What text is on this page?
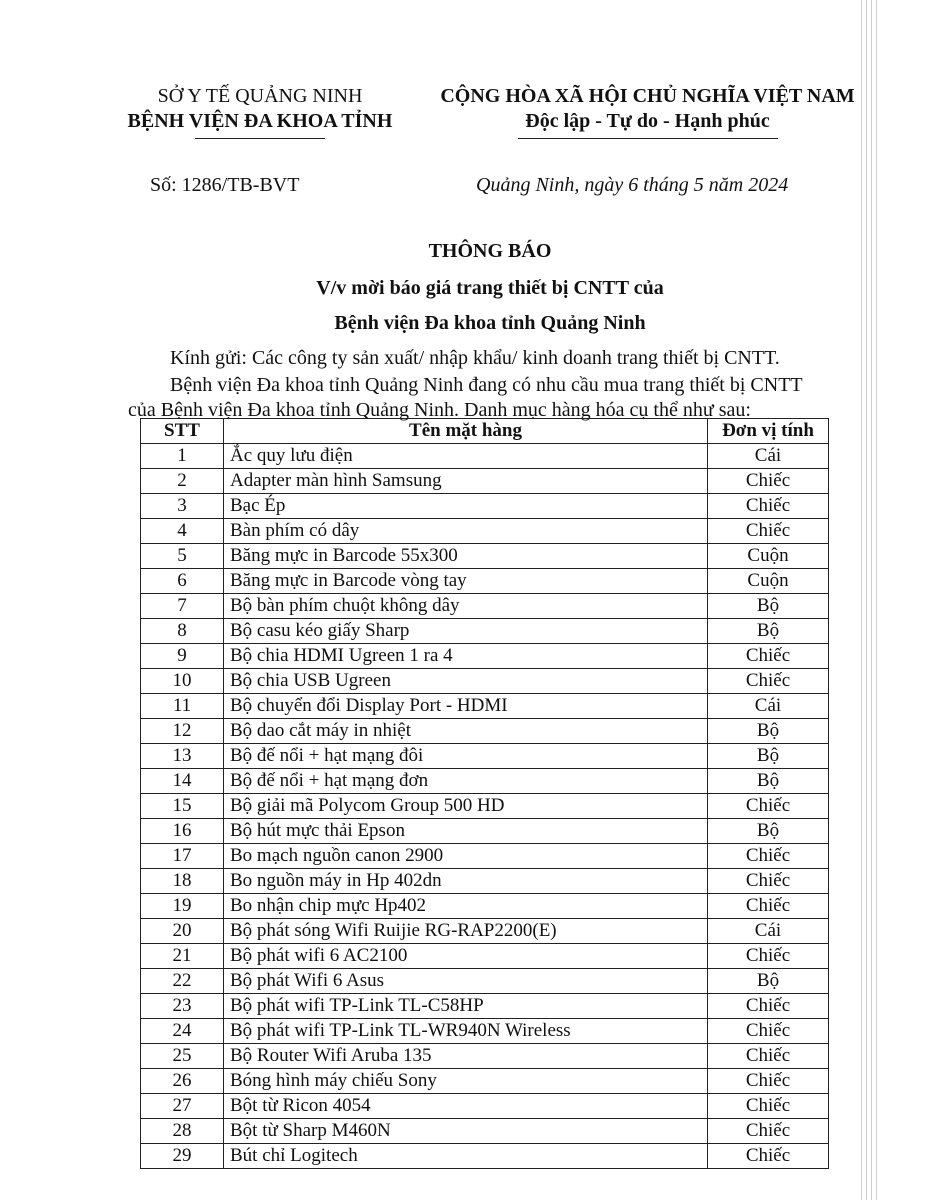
SỞ Y TẾ QUẢNG NINH
BỆNH VIỆN ĐA KHOA TỈNH
CỘNG HÒA XÃ HỘI CHỦ NGHĨA VIỆT NAM
Độc lập - Tự do - Hạnh phúc
Số: 1286/TB-BVT	Quảng Ninh, ngày 6 tháng 5 năm 2024
THÔNG BÁO
V/v mời báo giá trang thiết bị CNTT của
Bệnh viện Đa khoa tỉnh Quảng Ninh
Kính gửi: Các công ty sản xuất/ nhập khẩu/ kinh doanh trang thiết bị CNTT.
Bệnh viện Đa khoa tỉnh Quảng Ninh đang có nhu cầu mua trang thiết bị CNTT
của Bệnh viện Đa khoa tỉnh Quảng Ninh. Danh mục hàng hóa cụ thể như sau:
STT	Tên mặt hàng	Đơn vị tính
1	Ắc quy lưu điện	Cái
2	Adapter màn hình Samsung	Chiếc
3	Bạc Ép	Chiếc
4	Bàn phím có dây	Chiếc
5	Băng mực in Barcode 55x300	Cuộn
6	Băng mực in Barcode vòng tay	Cuộn
7	Bộ bàn phím chuột không dây	Bộ
8	Bộ casu kéo giấy Sharp	Bộ
9	Bộ chia HDMI Ugreen 1 ra 4	Chiếc
10	Bộ chia USB Ugreen	Chiếc
11	Bộ chuyển đổi Display Port - HDMI	Cái
12	Bộ dao cắt máy in nhiệt	Bộ
13	Bộ đế nổi + hạt mạng đôi	Bộ
14	Bộ đế nổi + hạt mạng đơn	Bộ
15	Bộ giải mã Polycom Group 500 HD	Chiếc
16	Bộ hút mực thải Epson	Bộ
17	Bo mạch nguồn canon 2900	Chiếc
18	Bo nguồn máy in Hp 402dn	Chiếc
19	Bo nhận chip mực Hp402	Chiếc
20	Bộ phát sóng Wifi Ruijie RG-RAP2200(E)	Cái
21	Bộ phát wifi 6 AC2100	Chiếc
22	Bộ phát Wifi 6 Asus	Bộ
23	Bộ phát wifi TP-Link TL-C58HP	Chiếc
24	Bộ phát wifi TP-Link TL-WR940N Wireless	Chiếc
25	Bộ Router Wifi Aruba 135	Chiếc
26	Bóng hình máy chiếu Sony	Chiếc
27	Bột từ Ricon 4054	Chiếc
28	Bột từ Sharp M460N	Chiếc
29	Bút chỉ Logitech	Chiếc
